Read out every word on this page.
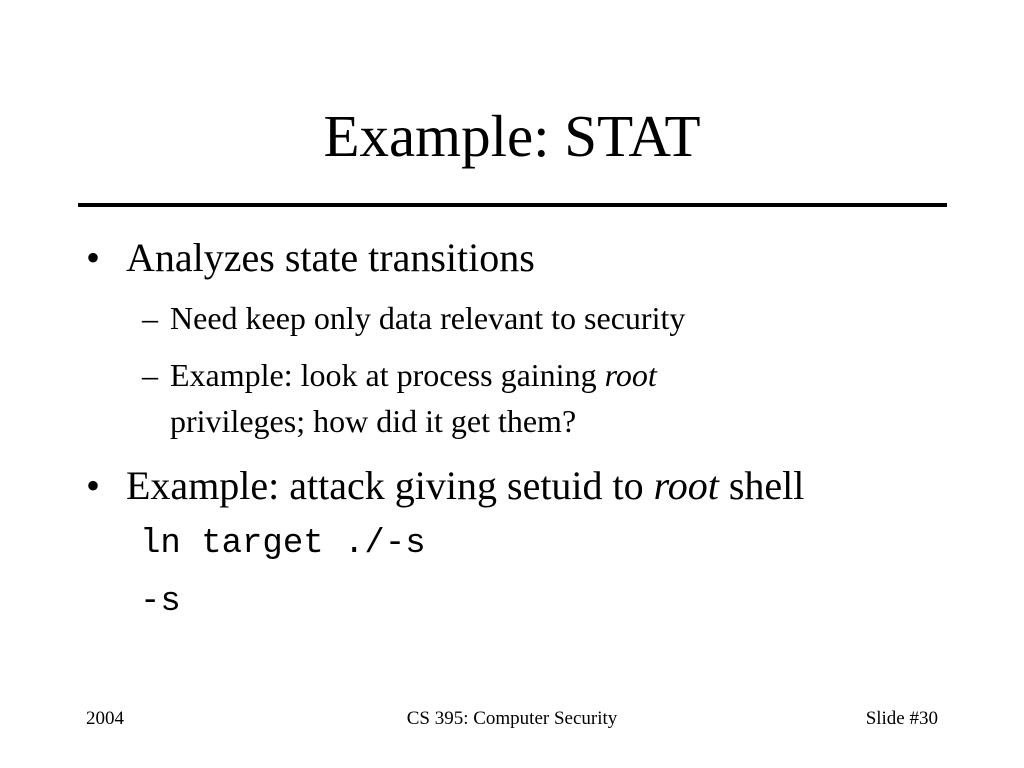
Example: STAT
• Analyzes state transitions
– Need keep only data relevant to security
– Example: look at process gaining root
privileges; how did it get them?
• Example: attack giving setuid to root shell
ln target ./-s
-s
2004	CS 395: Computer Security	Slide #30
